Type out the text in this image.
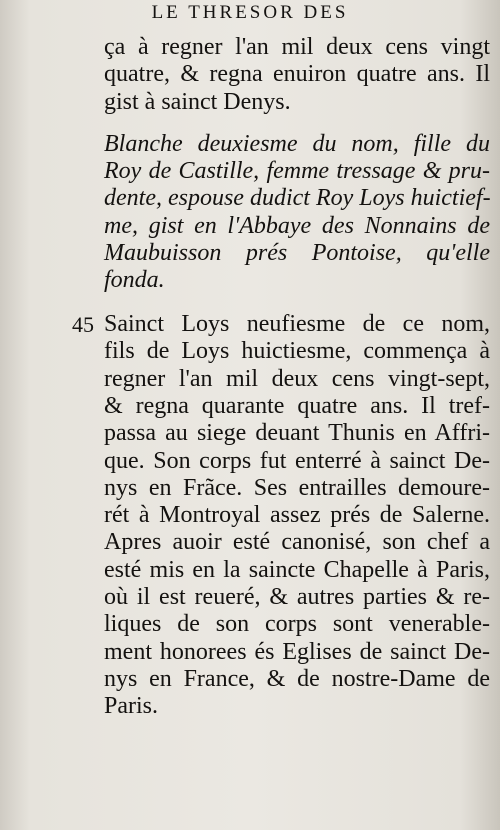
LE THRESOR DES
ça à regner l'an mil deux cens vingt
quatre, & regna enuiron quatre ans. Il
gist à sainct Denys.
Blanche deuxiesme du nom, fille du
Roy de Castille, femme tressage & pru-
dente, espouse dudict Roy Loys huictief-
me, gist en l'Abbaye des Nonnains de
Maubuisson prés Pontoise, qu'elle
fonda.
45 Sainct Loys neufiesme de ce nom,
fils de Loys huictiesme, commença à
regner l'an mil deux cens vingt-sept,
& regna quarante quatre ans. Il tref-
passa au siege deuant Thunis en Affri-
que. Son corps fut enterré à sainct De-
nys en Frãce. Ses entrailles demoure-
rét à Montroyal assez prés de Salerne.
Apres auoir esté canonisé, son chef a
esté mis en la saincte Chapelle à Paris,
où il est reueré, & autres parties & re-
liques de son corps sont venerable-
ment honorees és Eglises de sainct De-
nys en France, & de nostre-Dame de
Paris.
